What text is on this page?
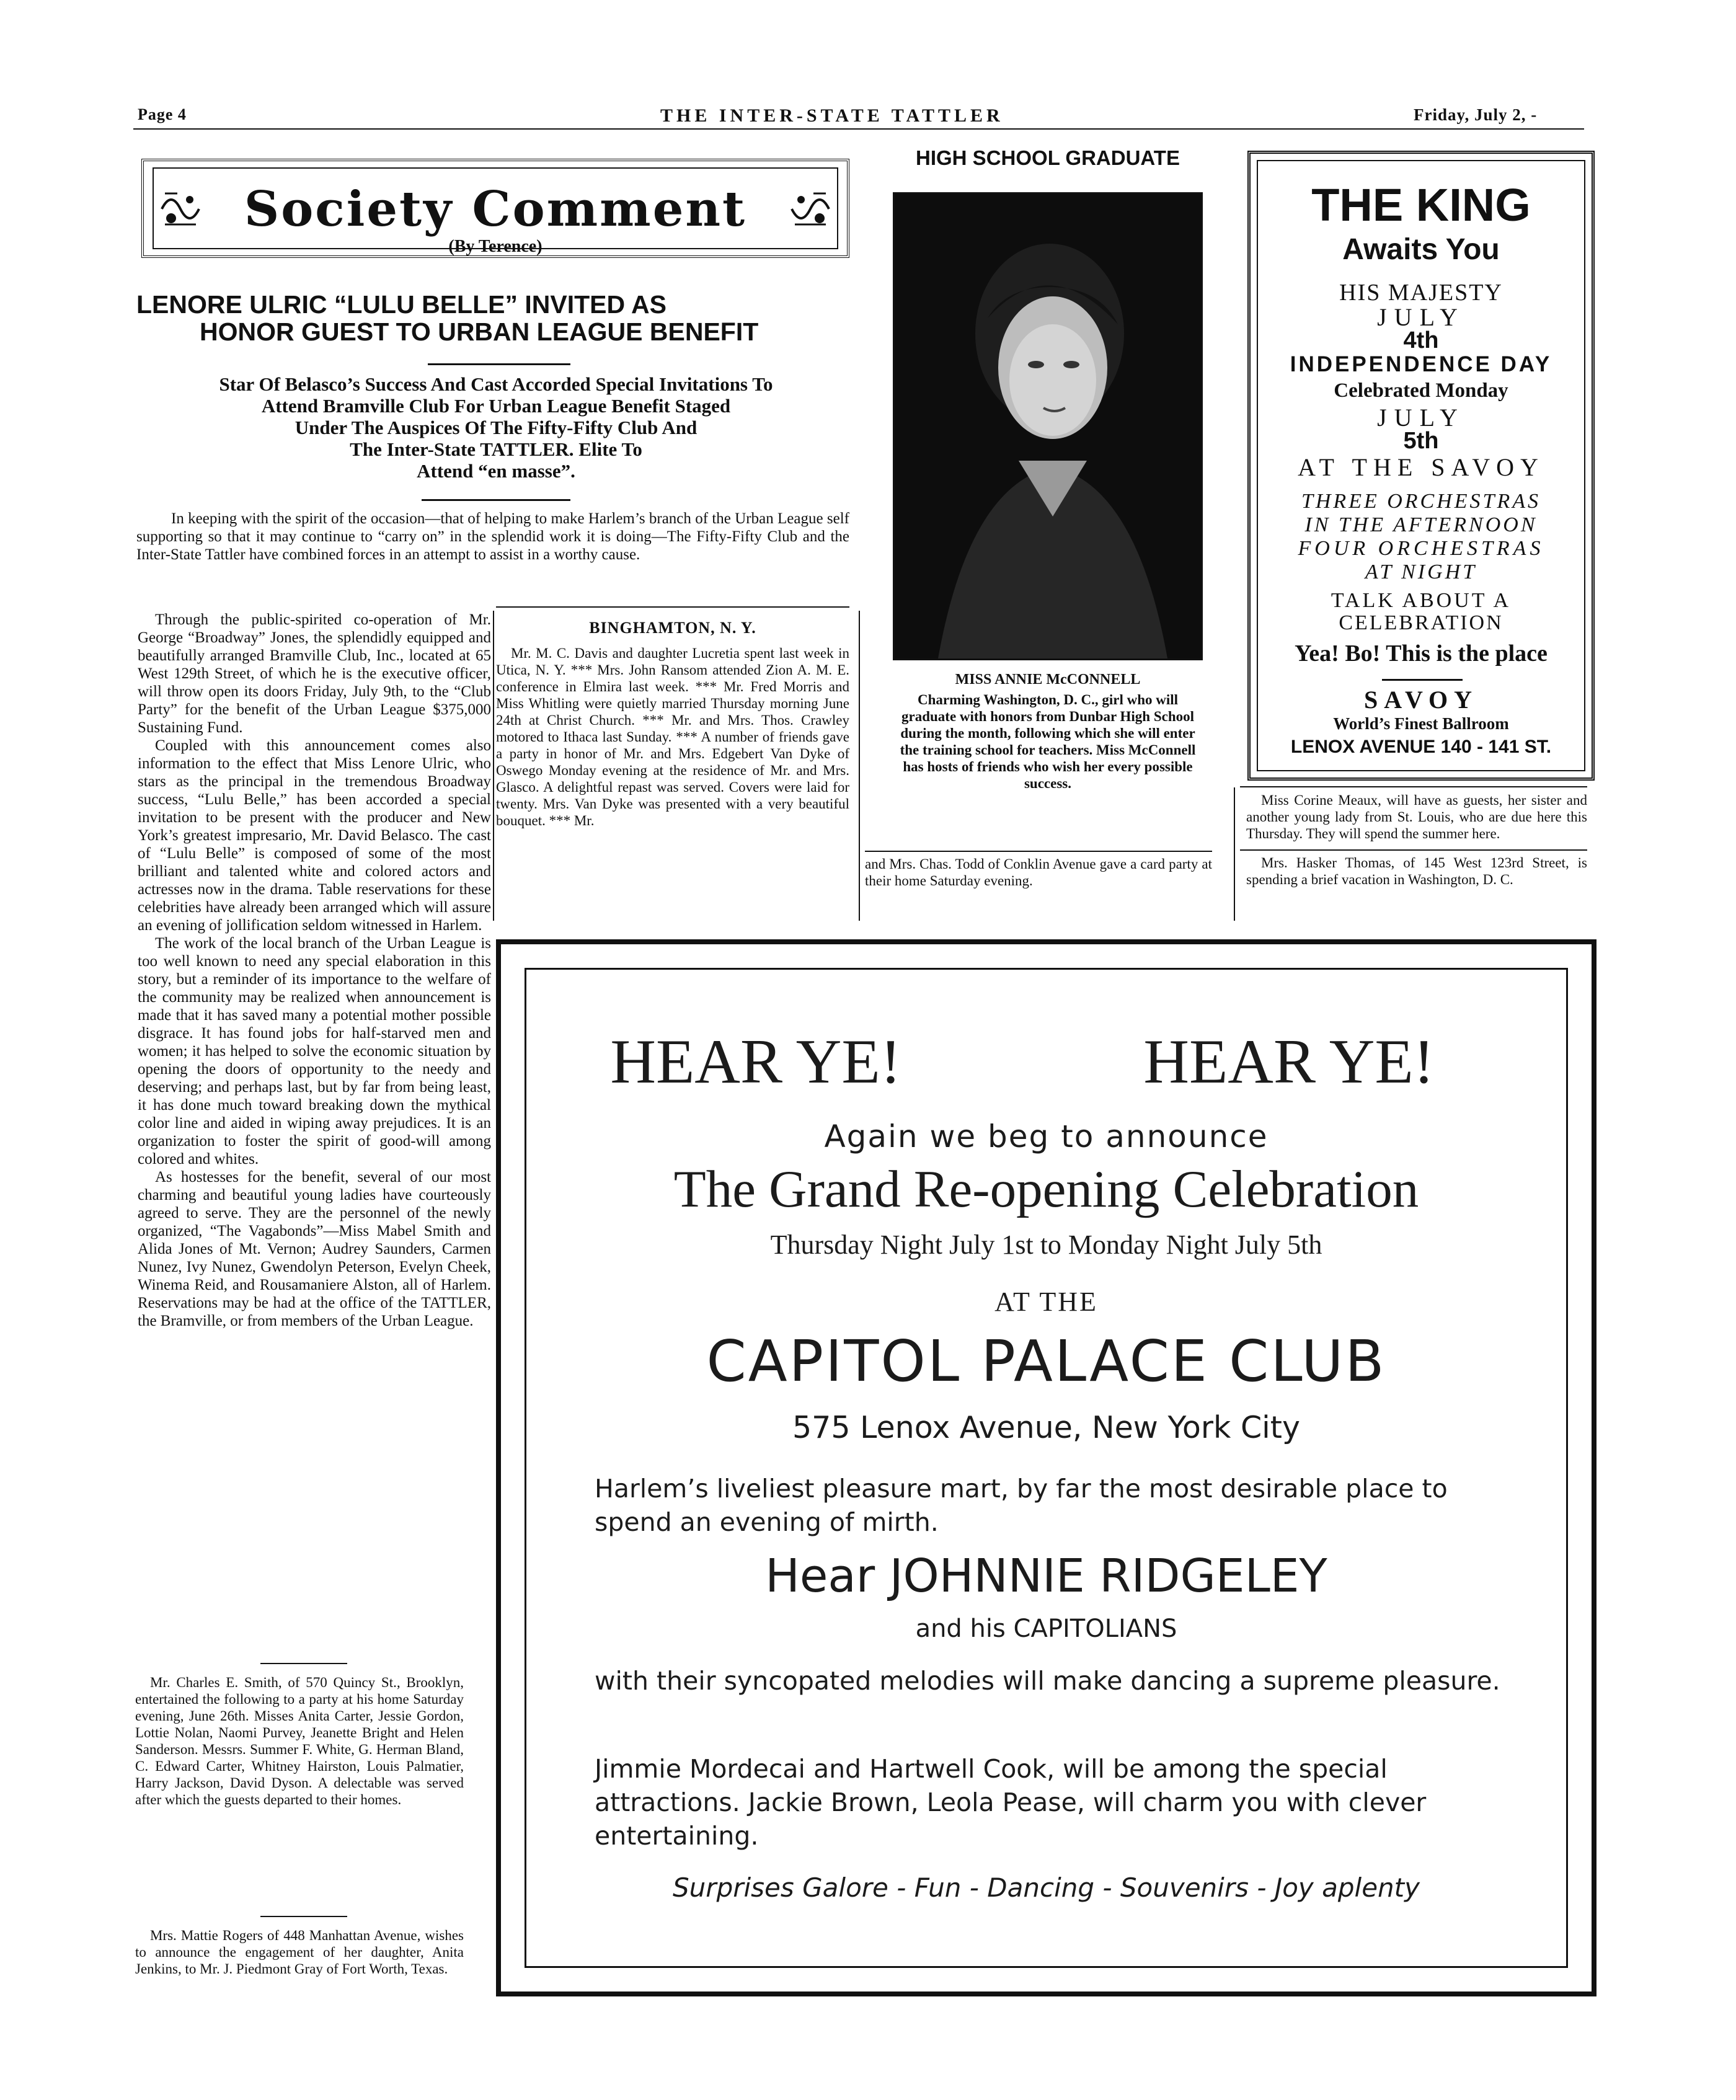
Page 4	THE INTER-STATE TATTLER	Friday, July 2, -
Society Comment
(By Terence)
LENORE ULRIC “LULU BELLE” INVITED AS
HONOR GUEST TO URBAN LEAGUE BENEFIT
Star Of Belasco’s Success And Cast Accorded Special Invitations To
Attend Bramville Club For Urban League Benefit Staged
Under The Auspices Of The Fifty-Fifty Club And
The Inter-State TATTLER. Elite To
Attend “en masse”.

In keeping with the spirit of the occasion—that of helping to make Harlem’s branch of the Urban League self supporting so that it may continue to “carry on” in the splendid work it is doing—The Fifty-Fifty Club and the Inter-State Tattler have combined forces in an attempt to assist in a worthy cause.

Through the public-spirited co-operation of Mr. George “Broadway” Jones, the splendidly equipped and beautifully arranged Bramville Club, Inc., located at 65 West 129th Street, of which he is the executive officer, will throw open its doors Friday, July 9th, to the “Club Party” for the benefit of the Urban League $375,000 Sustaining Fund.

Coupled with this announcement comes also information to the effect that Miss Lenore Ulric, who stars as the principal in the tremendous Broadway success, “Lulu Belle,” has been accorded a special invitation to be present with the producer and New York’s greatest impresario, Mr. David Belasco. The cast of “Lulu Belle” is composed of some of the most brilliant and talented white and colored actors and actresses now in the drama. Table reservations for these celebrities have already been arranged which will assure an evening of jollification seldom witnessed in Harlem.

The work of the local branch of the Urban League is too well known to need any special elaboration in this story, but a reminder of its importance to the welfare of the community may be realized when announcement is made that it has saved many a potential mother possible disgrace. It has found jobs for half-starved men and women; it has helped to solve the economic situation by opening the doors of opportunity to the needy and deserving; and perhaps last, but by far from being least, it has done much toward breaking down the mythical color line and aided in wiping away prejudices. It is an organization to foster the spirit of good-will among colored and whites.

As hostesses for the benefit, several of our most charming and beautiful young ladies have courteously agreed to serve. They are the personnel of the newly organized, “The Vagabonds”—Miss Mabel Smith and Alida Jones of Mt. Vernon; Audrey Saunders, Carmen Nunez, Ivy Nunez, Gwendolyn Peterson, Evelyn Cheek, Winema Reid, and Rousamaniere Alston, all of Harlem. Reservations may be had at the office of the TATTLER, the Bramville, or from members of the Urban League.

Mr. Charles E. Smith, of 570 Quincy St., Brooklyn, entertained the following to a party at his home Saturday evening, June 26th. Misses Anita Carter, Jessie Gordon, Lottie Nolan, Naomi Purvey, Jeanette Bright and Helen Sanderson. Messrs. Summer F. White, G. Herman Bland, C. Edward Carter, Whitney Hairston, Louis Palmatier, Harry Jackson, David Dyson. A delectable was served after which the guests departed to their homes.

Mrs. Mattie Rogers of 448 Manhattan Avenue, wishes to announce the engagement of her daughter, Anita Jenkins, to Mr. J. Piedmont Gray of Fort Worth, Texas.

BINGHAMTON, N. Y.

Mr. M. C. Davis and daughter Lucretia spent last week in Utica, N. Y. *** Mrs. John Ransom attended Zion A. M. E. conference in Elmira last week. *** Mr. Fred Morris and Miss Whitling were quietly married Thursday morning June 24th at Christ Church. *** Mr. and Mrs. Thos. Crawley motored to Ithaca last Sunday. *** A number of friends gave a party in honor of Mr. and Mrs. Edgebert Van Dyke of Oswego Monday evening at the residence of Mr. and Mrs. Glasco. A delightful repast was served. Covers were laid for twenty. Mrs. Van Dyke was presented with a very beautiful bouquet. *** Mr.

HIGH SCHOOL GRADUATE
MISS ANNIE McCONNELL
Charming Washington, D. C., girl who will graduate with honors from Dunbar High School during the month, following which she will enter the training school for teachers. Miss McConnell has hosts of friends who wish her every possible success.

and Mrs. Chas. Todd of Conklin Avenue gave a card party at their home Saturday evening.

THE KING
Awaits You
HIS MAJESTY
JULY
4th
INDEPENDENCE DAY
Celebrated Monday
JULY
5th
AT THE SAVOY
THREE ORCHESTRAS
IN THE AFTERNOON
FOUR ORCHESTRAS
AT NIGHT
TALK ABOUT A
CELEBRATION
Yea! Bo! This is the place
SAVOY
World’s Finest Ballroom
LENOX AVENUE 140 - 141 ST.

Miss Corine Meaux, will have as guests, her sister and another young lady from St. Louis, who are due here this Thursday. They will spend the summer here.

Mrs. Hasker Thomas, of 145 West 123rd Street, is spending a brief vacation in Washington, D. C.

HEAR YE!	HEAR YE!
Again we beg to announce
The Grand Re-opening Celebration
Thursday Night July 1st to Monday Night July 5th
AT THE
CAPITOL PALACE CLUB
575 Lenox Avenue, New York City
Harlem’s liveliest pleasure mart, by far the most desirable place to spend an evening of mirth.
Hear JOHNNIE RIDGELEY
and his CAPITOLIANS
with their syncopated melodies will make dancing a supreme pleasure.
Jimmie Mordecai and Hartwell Cook, will be among the special attractions. Jackie Brown, Leola Pease, will charm you with clever entertaining.
Surprises Galore - Fun - Dancing - Souvenirs - Joy aplenty
